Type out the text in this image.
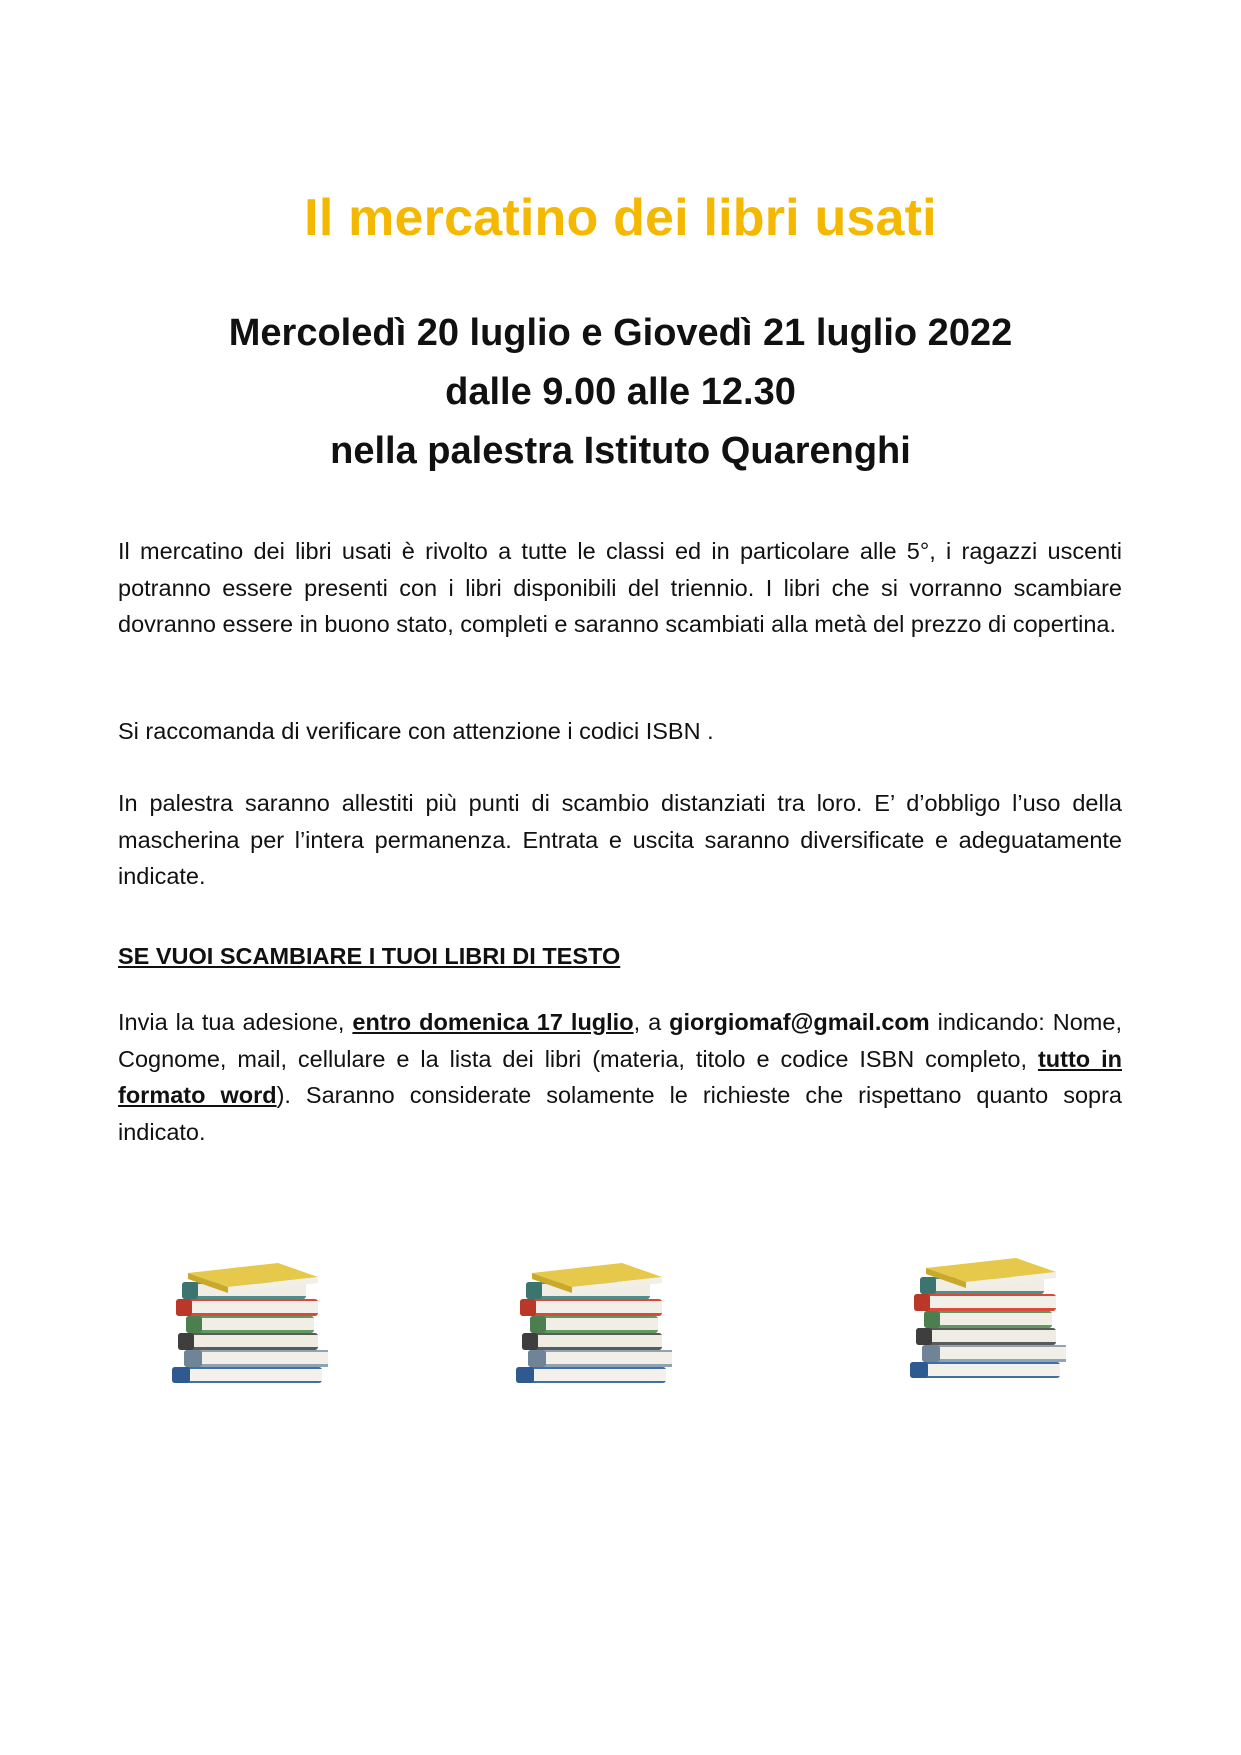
Il mercatino dei libri usati
Mercoledì 20 luglio e Giovedì 21 luglio 2022
dalle 9.00 alle 12.30
nella palestra Istituto Quarenghi

Il mercatino dei libri usati è rivolto a tutte le classi ed in particolare alle 5°, i ragazzi uscenti potranno essere presenti con i libri disponibili del triennio. I libri che si vorranno scambiare dovranno essere in buono stato, completi e saranno scambiati alla metà del prezzo di copertina.

Si raccomanda di verificare con attenzione i codici ISBN .

In palestra saranno allestiti più punti di scambio distanziati tra loro. E’ d’obbligo l’uso della mascherina per l’intera permanenza. Entrata e uscita saranno diversificate e adeguatamente indicate.

SE VUOI SCAMBIARE I TUOI LIBRI DI TESTO

Invia la tua adesione, entro domenica 17 luglio, a giorgiomaf@gmail.com indicando: Nome, Cognome, mail, cellulare e la lista dei libri (materia, titolo e codice ISBN completo, tutto in formato word). Saranno considerate solamente le richieste che rispettano quanto sopra indicato.
